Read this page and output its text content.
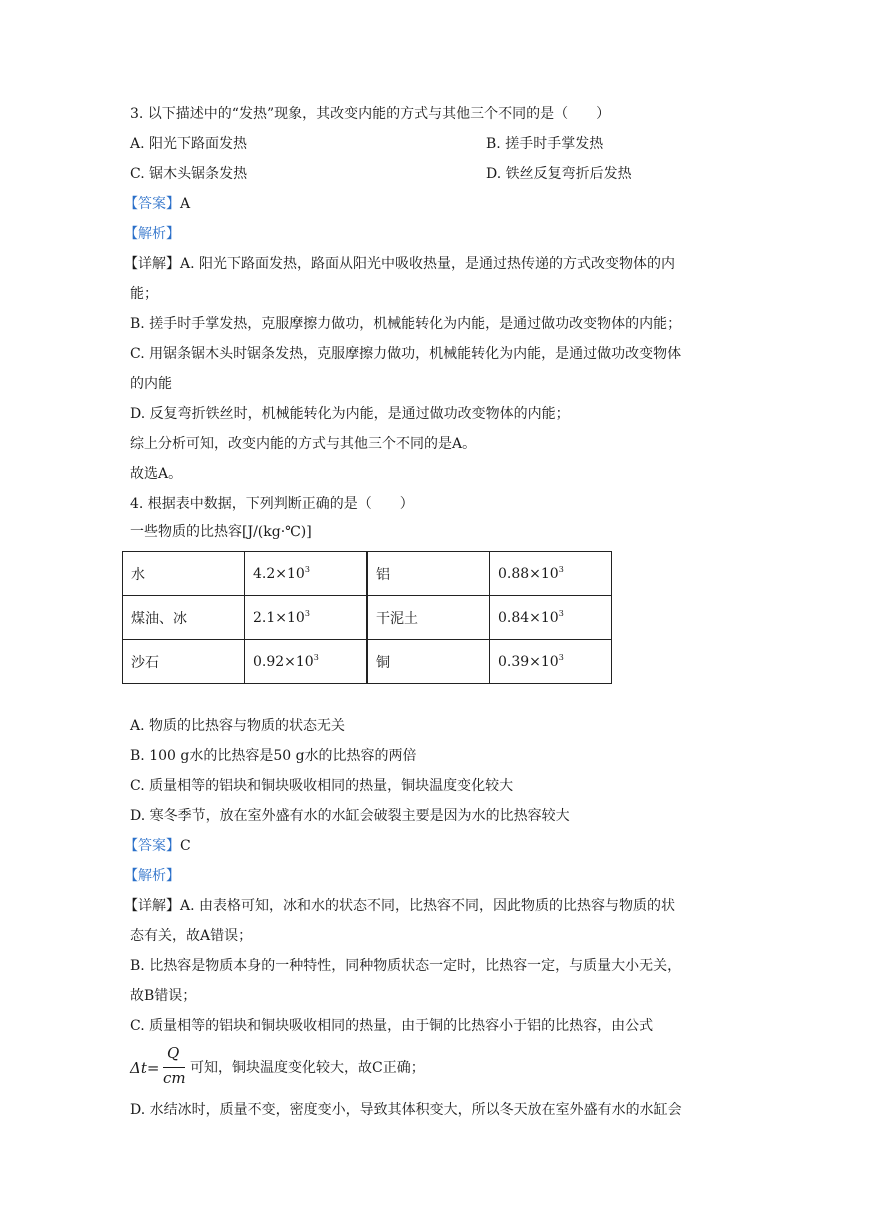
3. 以下描述中的“发热”现象，其改变内能的方式与其他三个不同的是（　　）
A. 阳光下路面发热	B. 搓手时手掌发热
C. 锯木头锯条发热	D. 铁丝反复弯折后发热
【答案】A
【解析】
【详解】A. 阳光下路面发热，路面从阳光中吸收热量，是通过热传递的方式改变物体的内
能；
B. 搓手时手掌发热，克服摩擦力做功，机械能转化为内能，是通过做功改变物体的内能；
C. 用锯条锯木头时锯条发热，克服摩擦力做功，机械能转化为内能，是通过做功改变物体
的内能
D. 反复弯折铁丝时，机械能转化为内能，是通过做功改变物体的内能；
综上分析可知，改变内能的方式与其他三个不同的是A。
故选A。
4. 根据表中数据，下列判断正确的是（　　）
一些物质的比热容[J/(kg·℃)]
水	$4.2\times 10^3$	铝	$0.88\times 10^3$
煤油、冰	$2.1\times 10^3$	干泥土	$0.84\times 10^3$
沙石	$0.92\times 10^3$	铜	$0.39\times 10^3$
A. 物质的比热容与物质的状态无关
B. 100 g水的比热容是50 g水的比热容的两倍
C. 质量相等的铝块和铜块吸收相同的热量，铜块温度变化较大
D. 寒冬季节，放在室外盛有水的水缸会破裂主要是因为水的比热容较大
【答案】C
【解析】
【详解】A. 由表格可知，冰和水的状态不同，比热容不同，因此物质的比热容与物质的状
态有关，故A错误；
B. 比热容是物质本身的一种特性，同种物质状态一定时，比热容一定，与质量大小无关，
故B错误；
C. 质量相等的铝块和铜块吸收相同的热量，由于铜的比热容小于铝的比热容，由公式
Δt=
Q
cm
可知，铜块温度变化较大，故C正确；
D. 水结冰时，质量不变，密度变小，导致其体积变大，所以冬天放在室外盛有水的水缸会
